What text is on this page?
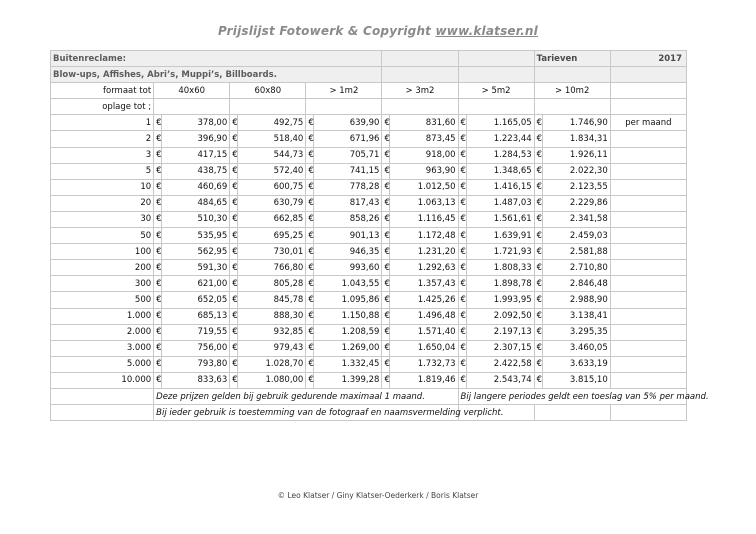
Prijslijst Fotowerk & Copyright www.klatser.nl
Buitenreclame:											Tarieven		2017
Blow-ups, Affishes, Abri’s, Muppi’s, Billboards.													
formaat tot	40x60		60x80		> 1m2		> 3m2		> 5m2		> 10m2		
oplage tot ;													
1	€	378,00	€	492,75	€	639,90	€	831,60	€	1.165,05	€	1.746,90	per maand
2	€	396,90	€	518,40	€	671,96	€	873,45	€	1.223,44	€	1.834,31	
3	€	417,15	€	544,73	€	705,71	€	918,00	€	1.284,53	€	1.926,11	
5	€	438,75	€	572,40	€	741,15	€	963,90	€	1.348,65	€	2.022,30	
10	€	460,69	€	600,75	€	778,28	€	1.012,50	€	1.416,15	€	2.123,55	
20	€	484,65	€	630,79	€	817,43	€	1.063,13	€	1.487,03	€	2.229,86	
30	€	510,30	€	662,85	€	858,26	€	1.116,45	€	1.561,61	€	2.341,58	
50	€	535,95	€	695,25	€	901,13	€	1.172,48	€	1.639,91	€	2.459,03	
100	€	562,95	€	730,01	€	946,35	€	1.231,20	€	1.721,93	€	2.581,88	
200	€	591,30	€	766,80	€	993,60	€	1.292,63	€	1.808,33	€	2.710,80	
300	€	621,00	€	805,28	€	1.043,55	€	1.357,43	€	1.898,78	€	2.846,48	
500	€	652,05	€	845,78	€	1.095,86	€	1.425,26	€	1.993,95	€	2.988,90	
1.000	€	685,13	€	888,30	€	1.150,88	€	1.496,48	€	2.092,50	€	3.138,41	
2.000	€	719,55	€	932,85	€	1.208,59	€	1.571,40	€	2.197,13	€	3.295,35	
3.000	€	756,00	€	979,43	€	1.269,00	€	1.650,04	€	2.307,15	€	3.460,05	
5.000	€	793,80	€	1.028,70	€	1.332,45	€	1.732,73	€	2.422,58	€	3.633,19	
10.000	€	833,63	€	1.080,00	€	1.399,28	€	1.819,46	€	2.543,74	€	3.815,10	
	Deze prijzen gelden bij gebruik gedurende maximaal 1 maand.								Bij langere periodes geldt een toeslag van 5% per maand.				
	Bij ieder gebruik is toestemming van de fotograaf en naamsvermelding verplicht.												
© Leo Klatser / Giny Klatser-Oederkerk / Boris Klatser
